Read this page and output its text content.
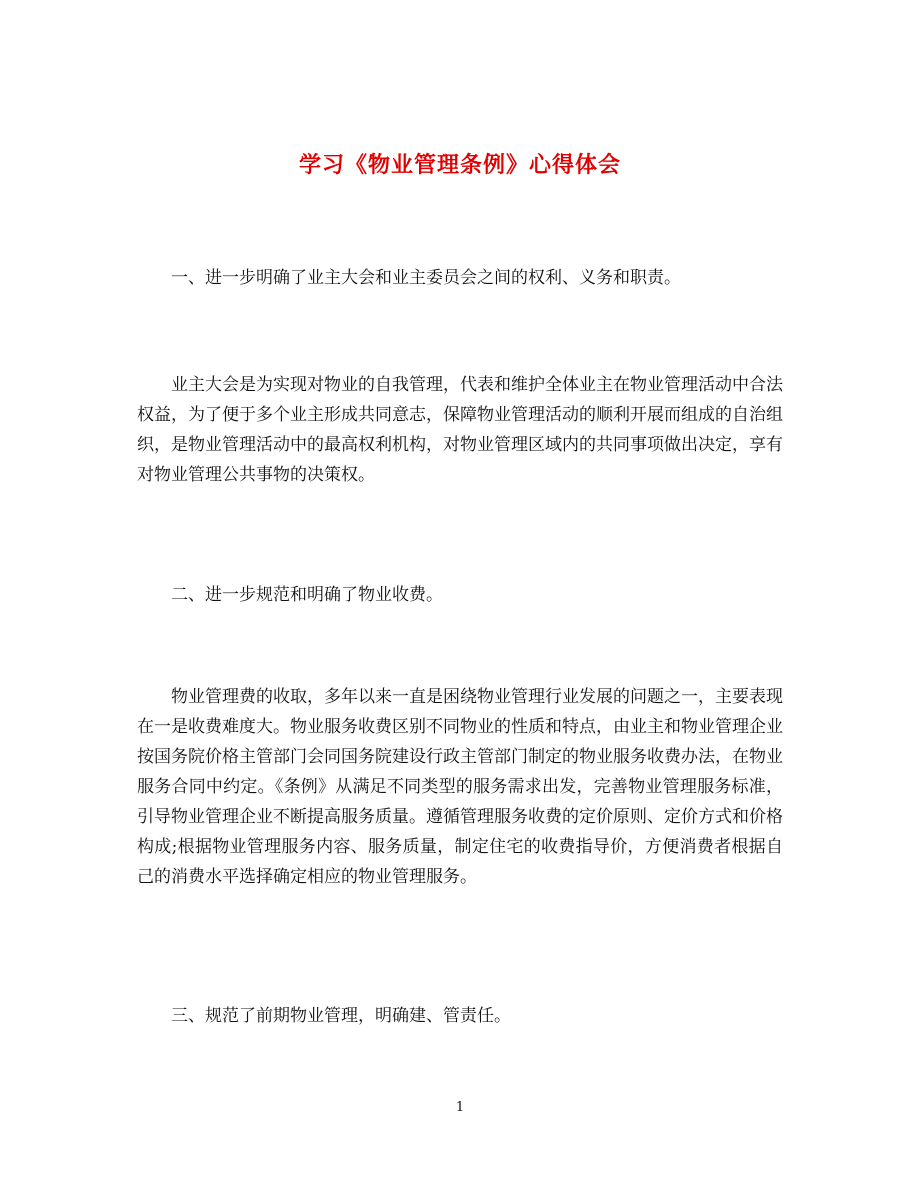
学习《物业管理条例》心得体会
一、进一步明确了业主大会和业主委员会之间的权利、义务和职责。
业主大会是为实现对物业的自我管理，代表和维护全体业主在物业管理活动中合法权益，为了便于多个业主形成共同意志，保障物业管理活动的顺利开展而组成的自治组织，是物业管理活动中的最高权利机构，对物业管理区域内的共同事项做出决定，享有对物业管理公共事物的决策权。
二、进一步规范和明确了物业收费。
物业管理费的收取，多年以来一直是困绕物业管理行业发展的问题之一，主要表现在一是收费难度大。物业服务收费区别不同物业的性质和特点，由业主和物业管理企业按国务院价格主管部门会同国务院建设行政主管部门制定的物业服务收费办法，在物业服务合同中约定。《条例》从满足不同类型的服务需求出发，完善物业管理服务标准，引导物业管理企业不断提高服务质量。遵循管理服务收费的定价原则、定价方式和价格构成;根据物业管理服务内容、服务质量，制定住宅的收费指导价，方便消费者根据自己的消费水平选择确定相应的物业管理服务。
三、规范了前期物业管理，明确建、管责任。
1
